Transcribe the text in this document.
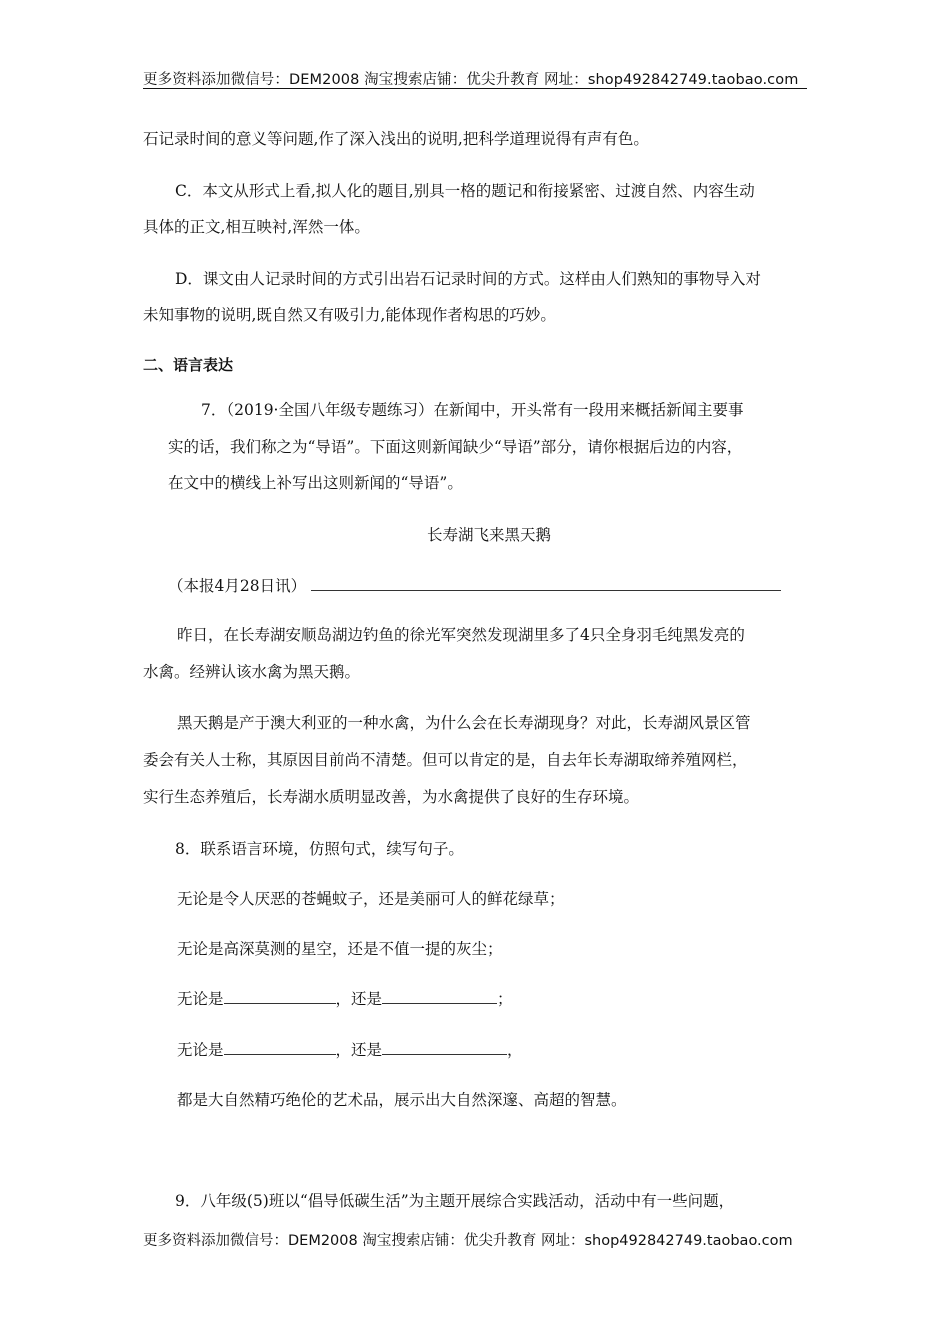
更多资料添加微信号：DEM2008 淘宝搜索店铺：优尖升教育 网址：shop492842749.taobao.com
石记录时间的意义等问题,作了深入浅出的说明,把科学道理说得有声有色。
C．本文从形式上看,拟人化的题目,别具一格的题记和衔接紧密、过渡自然、内容生动
具体的正文,相互映衬,浑然一体。
D．课文由人记录时间的方式引出岩石记录时间的方式。这样由人们熟知的事物导入对
未知事物的说明,既自然又有吸引力,能体现作者构思的巧妙。
二、语言表达
7．（2019·全国八年级专题练习）在新闻中，开头常有一段用来概括新闻主要事
实的话，我们称之为“导语”。下面这则新闻缺少“导语”部分，请你根据后边的内容，
在文中的横线上补写出这则新闻的“导语”。
长寿湖飞来黑天鹅
（本报4月28日讯）
昨日，在长寿湖安顺岛湖边钓鱼的徐光军突然发现湖里多了4只全身羽毛纯黑发亮的
水禽。经辨认该水禽为黑天鹅。
黑天鹅是产于澳大利亚的一种水禽，为什么会在长寿湖现身？对此，长寿湖风景区管
委会有关人士称，其原因目前尚不清楚。但可以肯定的是，自去年长寿湖取缔养殖网栏，
实行生态养殖后，长寿湖水质明显改善，为水禽提供了良好的生存环境。
8．联系语言环境，仿照句式，续写句子。
无论是令人厌恶的苍蝇蚊子，还是美丽可人的鲜花绿草；
无论是高深莫测的星空，还是不值一提的灰尘；
无论是	，还是	；
无论是	，还是	，
都是大自然精巧绝伦的艺术品，展示出大自然深邃、高超的智慧。
9．八年级(5)班以“倡导低碳生活”为主题开展综合实践活动，活动中有一些问题，
更多资料添加微信号：DEM2008 淘宝搜索店铺：优尖升教育 网址：shop492842749.taobao.com
